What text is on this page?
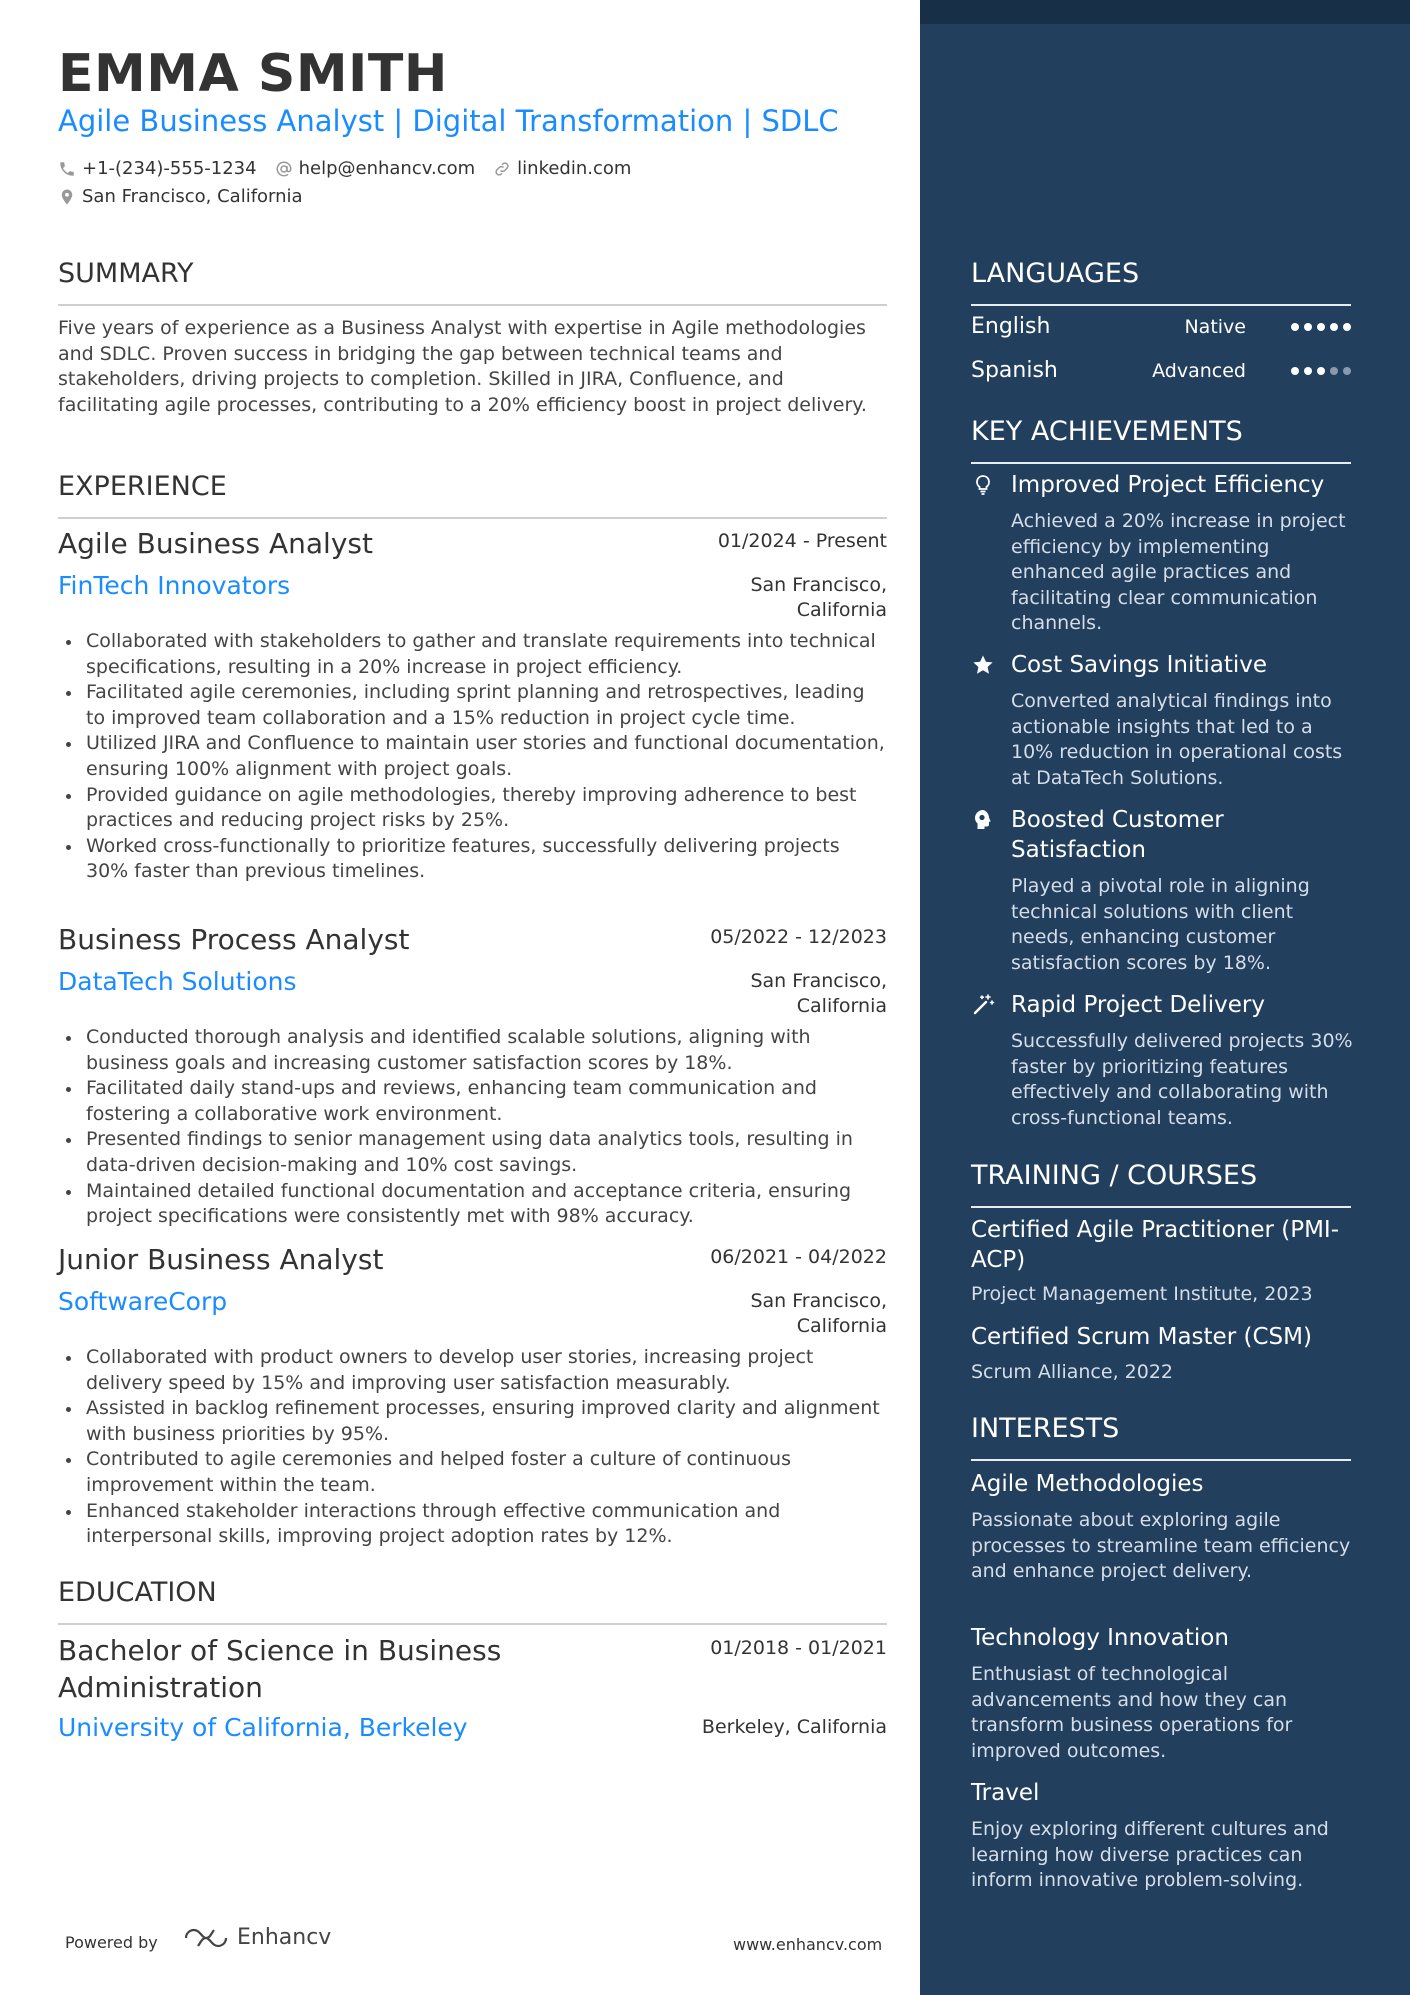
EMMA SMITH
Agile Business Analyst | Digital Transformation | SDLC
+1-(234)-555-1234 help@enhancv.com linkedin.com
San Francisco, California
SUMMARY
Five years of experience as a Business Analyst with expertise in Agile methodologies and SDLC. Proven success in bridging the gap between technical teams and stakeholders, driving projects to completion. Skilled in JIRA, Confluence, and facilitating agile processes, contributing to a 20% efficiency boost in project delivery.
EXPERIENCE
Agile Business Analyst	01/2024 - Present
FinTech Innovators	San Francisco,
California
Collaborated with stakeholders to gather and translate requirements into technical specifications, resulting in a 20% increase in project efficiency.
Facilitated agile ceremonies, including sprint planning and retrospectives, leading to improved team collaboration and a 15% reduction in project cycle time.
Utilized JIRA and Confluence to maintain user stories and functional documentation, ensuring 100% alignment with project goals.
Provided guidance on agile methodologies, thereby improving adherence to best practices and reducing project risks by 25%.
Worked cross-functionally to prioritize features, successfully delivering projects 30% faster than previous timelines.
Business Process Analyst	05/2022 - 12/2023
DataTech Solutions	San Francisco,
California
Conducted thorough analysis and identified scalable solutions, aligning with business goals and increasing customer satisfaction scores by 18%.
Facilitated daily stand-ups and reviews, enhancing team communication and fostering a collaborative work environment.
Presented findings to senior management using data analytics tools, resulting in data-driven decision-making and 10% cost savings.
Maintained detailed functional documentation and acceptance criteria, ensuring project specifications were consistently met with 98% accuracy.
Junior Business Analyst	06/2021 - 04/2022
SoftwareCorp	San Francisco,
California
Collaborated with product owners to develop user stories, increasing project delivery speed by 15% and improving user satisfaction measurably.
Assisted in backlog refinement processes, ensuring improved clarity and alignment with business priorities by 95%.
Contributed to agile ceremonies and helped foster a culture of continuous improvement within the team.
Enhanced stakeholder interactions through effective communication and interpersonal skills, improving project adoption rates by 12%.
EDUCATION
Bachelor of Science in Business Administration
01/2018 - 01/2021
University of California, Berkeley	Berkeley, California
Powered by	Enhancv	www.enhancv.com
LANGUAGES
English	Native
Spanish	Advanced
KEY ACHIEVEMENTS
Improved Project Efficiency
Achieved a 20% increase in project efficiency by implementing enhanced agile practices and facilitating clear communication channels.
Cost Savings Initiative
Converted analytical findings into actionable insights that led to a 10% reduction in operational costs at DataTech Solutions.
Boosted Customer Satisfaction
Played a pivotal role in aligning technical solutions with client needs, enhancing customer satisfaction scores by 18%.
Rapid Project Delivery
Successfully delivered projects 30% faster by prioritizing features effectively and collaborating with cross-functional teams.
TRAINING / COURSES
Certified Agile Practitioner (PMI-ACP)
Project Management Institute, 2023
Certified Scrum Master (CSM)
Scrum Alliance, 2022
INTERESTS
Agile Methodologies
Passionate about exploring agile processes to streamline team efficiency and enhance project delivery.
Technology Innovation
Enthusiast of technological advancements and how they can transform business operations for improved outcomes.
Travel
Enjoy exploring different cultures and learning how diverse practices can inform innovative problem-solving.
